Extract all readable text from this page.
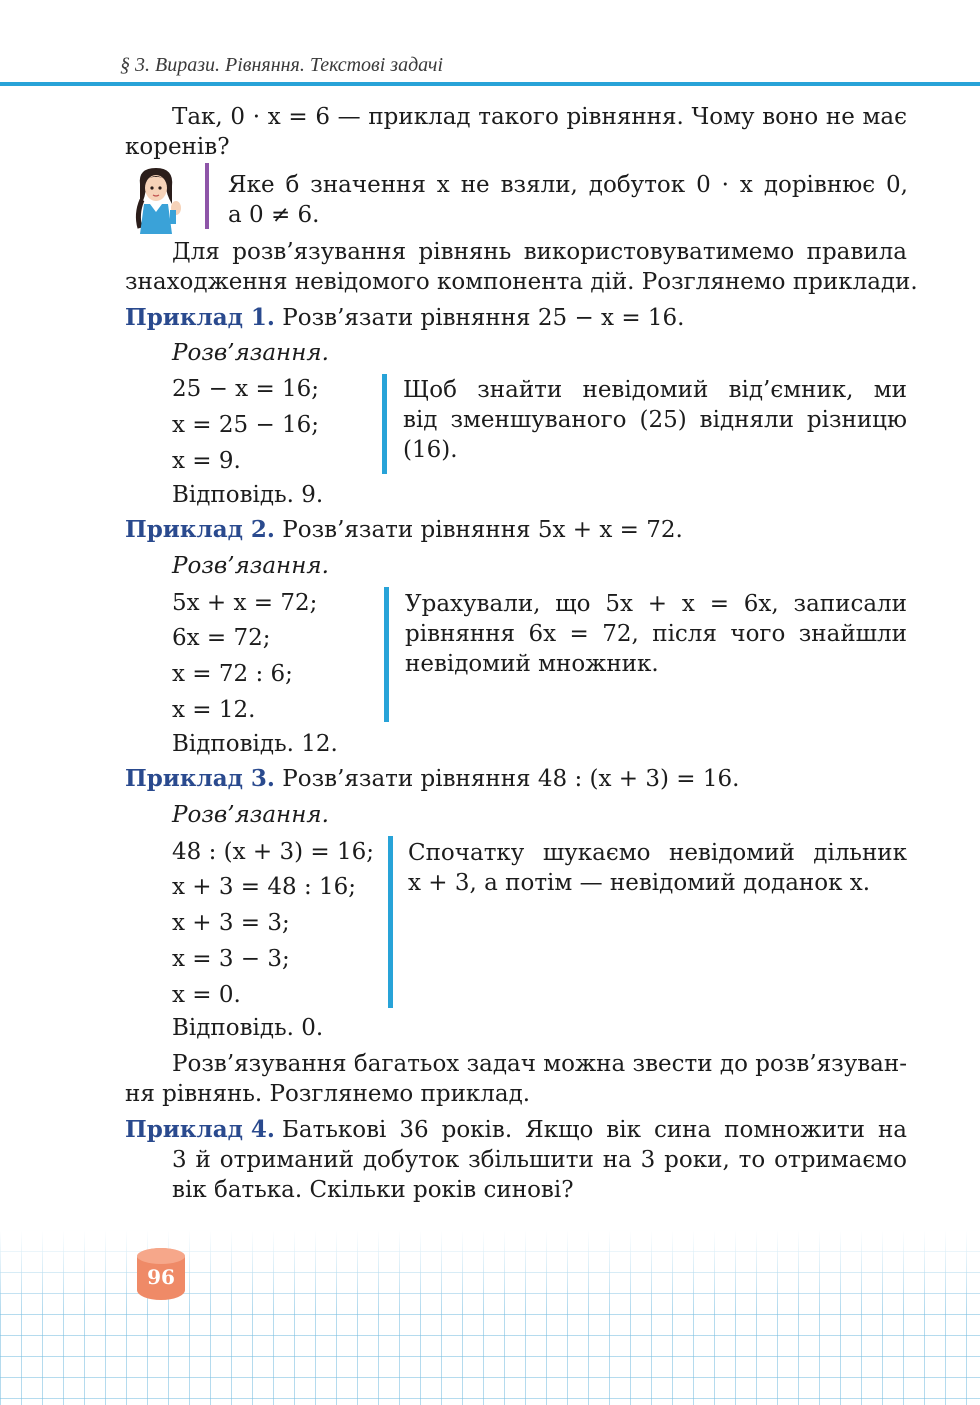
§ 3. Вирази. Рівняння. Текстові задачі
Так, 0 · x = 6 — приклад такого рівняння. Чому воно не має
коренів?
Яке б значення x не взяли, добуток 0 · x дорівнює 0,
а 0 ≠ 6.
Для розв’язування рівнянь використовуватимемо правила
знаходження невідомого компонента дій. Розглянемо приклади.
Приклад 1. Розв’язати рівняння 25 − x = 16.
Розв’язання.
25 − x = 16;
x = 25 − 16;
x = 9.
Щоб знайти невідомий від’ємник, ми
від зменшуваного (25) відняли різницю
(16).
Відповідь. 9.
Приклад 2. Розв’язати рівняння 5x + x = 72.
Розв’язання.
5x + x = 72;
6x = 72;
x = 72 : 6;
x = 12.
Урахували, що 5x + x = 6x, записали
рівняння 6x = 72, після чого знайшли
невідомий множник.
Відповідь. 12.
Приклад 3. Розв’язати рівняння 48 : (x + 3) = 16.
Розв’язання.
48 : (x + 3) = 16;
x + 3 = 48 : 16;
x + 3 = 3;
x = 3 − 3;
x = 0.
Спочатку шукаємо невідомий дільник
x + 3, а потім — невідомий доданок x.
Відповідь. 0.
Розв’язування багатьох задач можна звести до розв’язуван-
ня рівнянь. Розглянемо приклад.
Приклад 4. Батькові 36 років. Якщо вік сина помножити на
3 й отриманий добуток збільшити на 3 роки, то отримаємо
вік батька. Скільки років синові?
96
